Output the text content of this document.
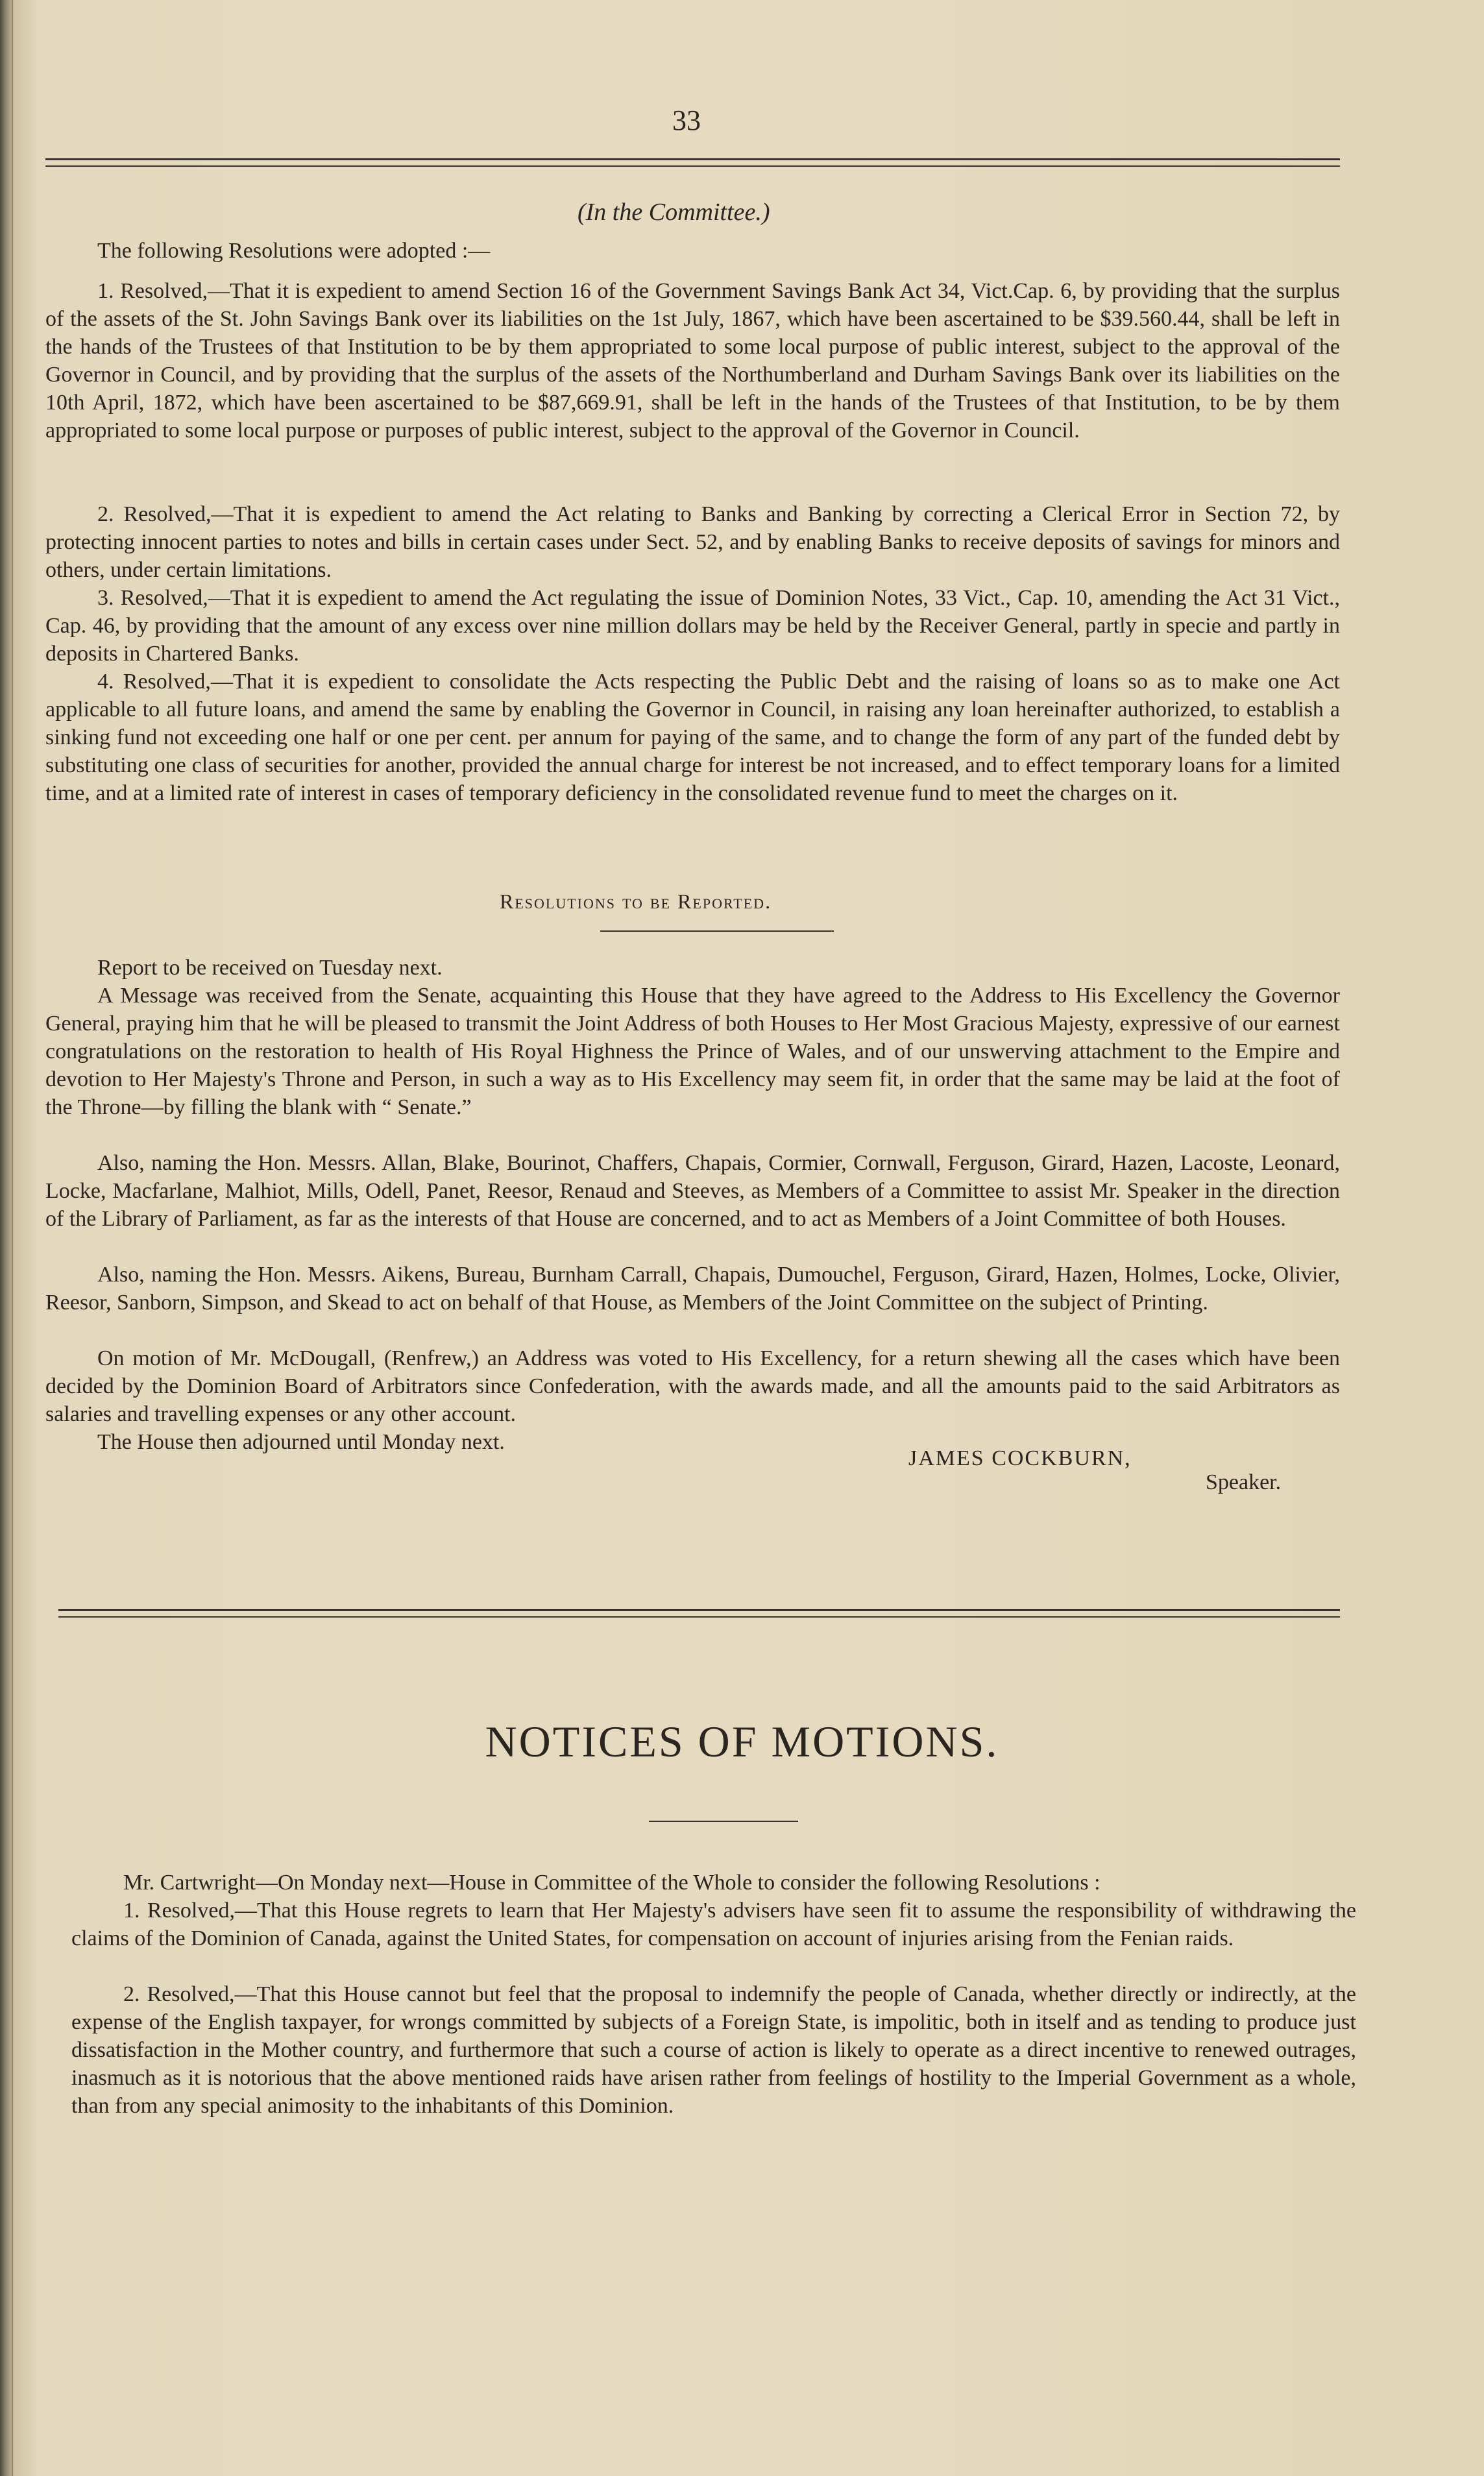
33
(In the Committee.)

The following Resolutions were adopted :—

1. Resolved,—That it is expedient to amend Section 16 of the Government Savings Bank Act 34, Vict.Cap. 6, by providing that the surplus of the assets of the St. John Savings Bank over its liabilities on the 1st July, 1867, which have been ascertained to be $39.560.44, shall be left in the hands of the Trustees of that Institution to be by them appropriated to some local purpose of public interest, subject to the approval of the Governor in Council, and by providing that the surplus of the assets of the Northumberland and Durham Savings Bank over its liabilities on the 10th April, 1872, which have been ascertained to be $87,669.91, shall be left in the hands of the Trustees of that Institution, to be by them appropriated to some local purpose or purposes of public interest, subject to the approval of the Governor in Council.

2. Resolved,—That it is expedient to amend the Act relating to Banks and Banking by correcting a Clerical Error in Section 72, by protecting innocent parties to notes and bills in certain cases under Sect. 52, and by enabling Banks to receive deposits of savings for minors and others, under certain limitations.

3. Resolved,—That it is expedient to amend the Act regulating the issue of Dominion Notes, 33 Vict., Cap. 10, amending the Act 31 Vict., Cap. 46, by providing that the amount of any excess over nine million dollars may be held by the Receiver General, partly in specie and partly in deposits in Chartered Banks.

4. Resolved,—That it is expedient to consolidate the Acts respecting the Public Debt and the raising of loans so as to make one Act applicable to all future loans, and amend the same by enabling the Governor in Council, in raising any loan hereinafter authorized, to establish a sinking fund not exceeding one half or one per cent. per annum for paying of the same, and to change the form of any part of the funded debt by substituting one class of securities for another, provided the annual charge for interest be not increased, and to effect temporary loans for a limited time, and at a limited rate of interest in cases of temporary deficiency in the consolidated revenue fund to meet the charges on it.

Resolutions to be Reported.

Report to be received on Tuesday next.

A Message was received from the Senate, acquainting this House that they have agreed to the Address to His Excellency the Governor General, praying him that he will be pleased to transmit the Joint Address of both Houses to Her Most Gracious Majesty, expressive of our earnest congratulations on the restoration to health of His Royal Highness the Prince of Wales, and of our unswerving attachment to the Empire and devotion to Her Majesty's Throne and Person, in such a way as to His Excellency may seem fit, in order that the same may be laid at the foot of the Throne—by filling the blank with “ Senate.”

Also, naming the Hon. Messrs. Allan, Blake, Bourinot, Chaffers, Chapais, Cormier, Cornwall, Ferguson, Girard, Hazen, Lacoste, Leonard, Locke, Macfarlane, Malhiot, Mills, Odell, Panet, Reesor, Renaud and Steeves, as Members of a Committee to assist Mr. Speaker in the direction of the Library of Parliament, as far as the interests of that House are concerned, and to act as Members of a Joint Committee of both Houses.

Also, naming the Hon. Messrs. Aikens, Bureau, Burnham Carrall, Chapais, Dumouchel, Ferguson, Girard, Hazen, Holmes, Locke, Olivier, Reesor, Sanborn, Simpson, and Skead to act on behalf of that House, as Members of the Joint Committee on the subject of Printing.

On motion of Mr. McDougall, (Renfrew,) an Address was voted to His Excellency, for a return shewing all the cases which have been decided by the Dominion Board of Arbitrators since Confederation, with the awards made, and all the amounts paid to the said Arbitrators as salaries and travelling expenses or any other account.

The House then adjourned until Monday next.

JAMES COCKBURN,
Speaker.
NOTICES OF MOTIONS.

Mr. Cartwright—On Monday next—House in Committee of the Whole to consider the following Resolutions :

1. Resolved,—That this House regrets to learn that Her Majesty's advisers have seen fit to assume the responsibility of withdrawing the claims of the Dominion of Canada, against the United States, for compensation on account of injuries arising from the Fenian raids.

2. Resolved,—That this House cannot but feel that the proposal to indemnify the people of Canada, whether directly or indirectly, at the expense of the English taxpayer, for wrongs committed by subjects of a Foreign State, is impolitic, both in itself and as tending to produce just dissatisfaction in the Mother country, and furthermore that such a course of action is likely to operate as a direct incentive to renewed outrages, inasmuch as it is notorious that the above mentioned raids have arisen rather from feelings of hostility to the Imperial Government as a whole, than from any special animosity to the inhabitants of this Dominion.
